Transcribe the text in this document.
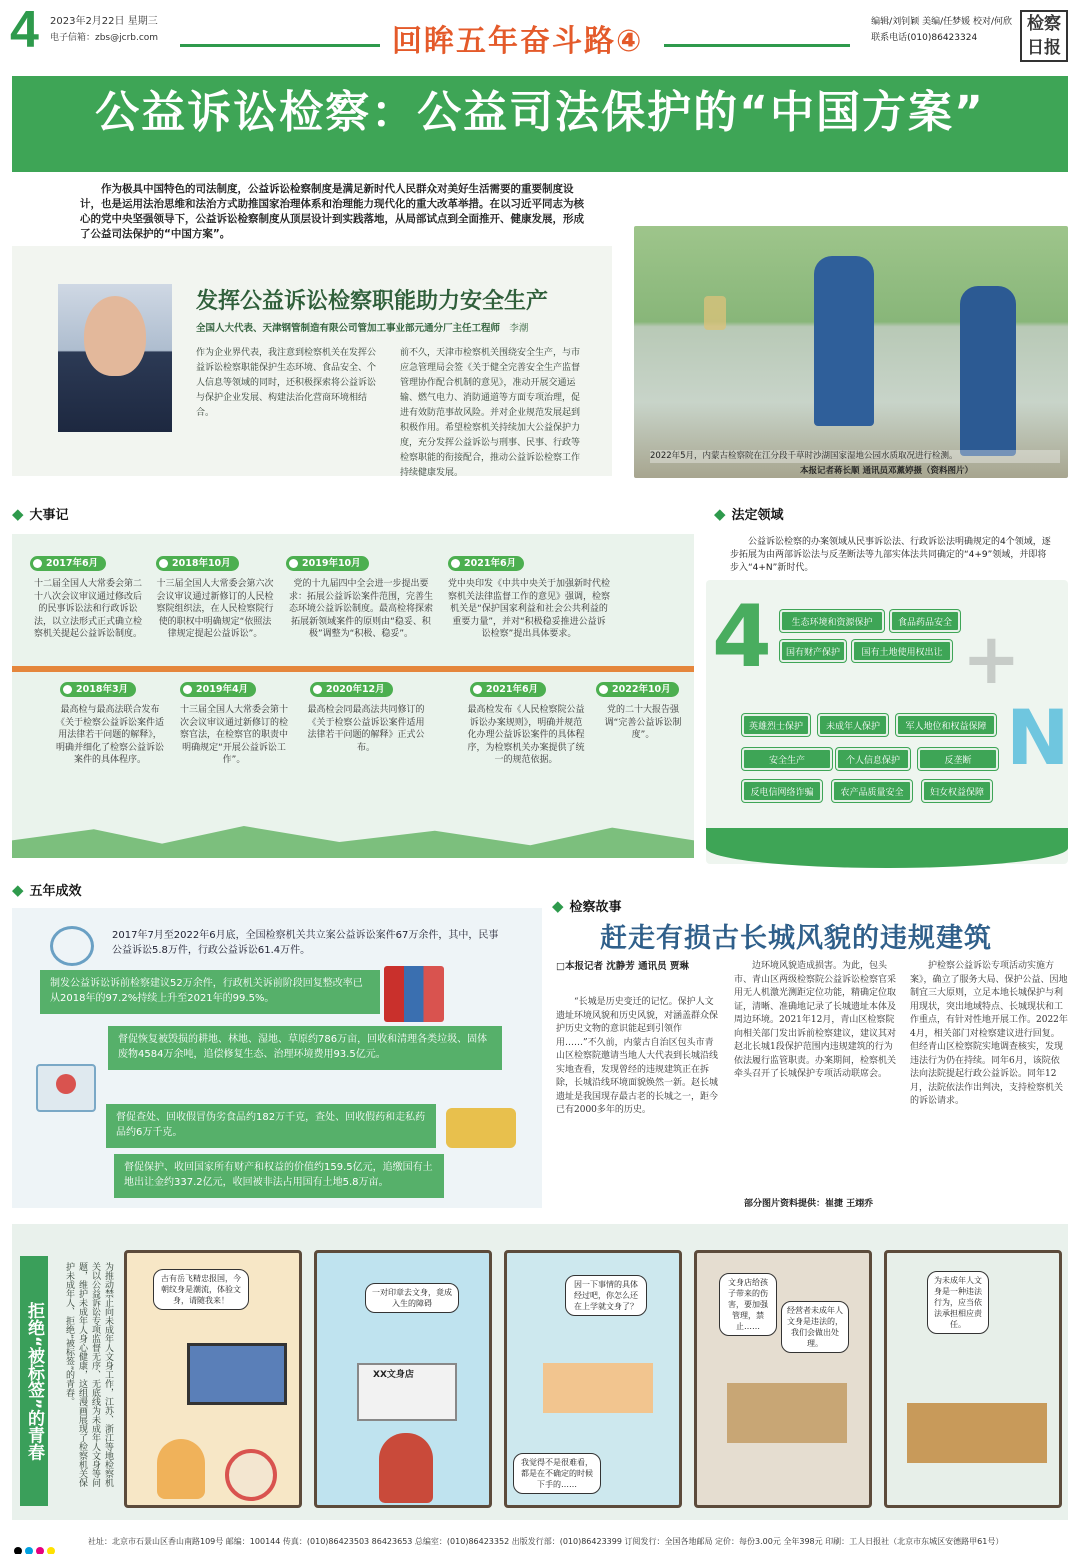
4 2023年2月22日 星期三
电子信箱：zbs@jcrb.com	回眸五年奋斗路④
编辑/刘钊颖 美编/任梦媛 校对/何欣
联系电话(010)86423324
检察日报
公益诉讼检察：公益司法保护的“中国方案”
作为极具中国特色的司法制度，公益诉讼检察制度是满足新时代人民群众对美好生活需要的重要制度设计，也是运用法治思维和法治方式助推国家治理体系和治理能力现代化的重大改革举措。在以习近平同志为核心的党中央坚强领导下，公益诉讼检察制度从顶层设计到实践落地，从局部试点到全面推开、健康发展，形成了公益司法保护的“中国方案”。
2022年5月，内蒙古检察院在江分段千草时沙湖国家湿地公园水质取况进行检测。
本报记者蒋长顺 通讯员邓薰婷摄（资料图片）
发挥公益诉讼检察职能助力安全生产
全国人大代表、天津钢管制造有限公司管加工事业部元通分厂主任工程师 李潮
作为企业界代表，我注意到检察机关在发挥公益诉讼检察职能保护生态环境、食品安全、个人信息等领域的同时，还积极探索将公益诉讼与保护企业发展、构建法治化营商环境相结合。
前不久，天津市检察机关围绕安全生产，与市应急管理局会签《关于健全完善安全生产监督管理协作配合机制的意见》，准动开展交通运输、燃气电力、消防通道等方面专项治理，促进有效防范事故风险。并对企业规范发展起到积极作用。希望检察机关持续加大公益保护力度，充分发挥公益诉讼与刑事、民事、行政等检察职能的衔接配合，推动公益诉讼检察工作持续健康发展。
◆ 大事记
2017年6月
十二届全国人大常委会第二十八次会议审议通过修改后的民事诉讼法和行政诉讼法，以立法形式正式确立检察机关提起公益诉讼制度。
2018年10月
十三届全国人大常委会第六次会议审议通过新修订的人民检察院组织法，在人民检察院行使的职权中明确规定“依照法律规定提起公益诉讼”。
2019年10月
党的十九届四中全会进一步提出要求：拓展公益诉讼案件范围，完善生态环境公益诉讼制度。最高检将探索拓展新领域案件的原则由“稳妥、积极”调整为“积极、稳妥”。
2021年6月
党中央印发《中共中央关于加强新时代检察机关法律监督工作的意见》强调，检察机关是“保护国家利益和社会公共利益的重要力量”，并对“积极稳妥推进公益诉讼检察”提出具体要求。
2018年3月
最高检与最高法联合发布《关于检察公益诉讼案件适用法律若干问题的解释》，明确并细化了检察公益诉讼案件的具体程序。
2019年4月
十三届全国人大常委会第十次会议审议通过新修订的检察官法，在检察官的职责中明确规定“开展公益诉讼工作”。
2020年12月
最高检会同最高法共同修订的《关于检察公益诉讼案件适用法律若干问题的解释》正式公布。
2021年6月
最高检发布《人民检察院公益诉讼办案规则》，明确并规范化办理公益诉讼案件的具体程序，为检察机关办案提供了统一的规范依据。
2022年10月
党的二十大报告强调“完善公益诉讼制度”。
◆ 法定领域
公益诉讼检察的办案领域从民事诉讼法、行政诉讼法明确规定的4个领域，逐步拓展为由两部诉讼法与反垄断法等九部实体法共同确定的“4+9”领域，并即将步入“4+N”新时代。
4	+
N
生态环境和资源保护	食品药品安全
国有财产保护	国有土地使用权出让
英雄烈士保护	未成年人保护	军人地位和权益保障
安全生产	个人信息保护	反垄断
反电信网络诈骗	农产品质量安全	妇女权益保障
◆ 五年成效
2017年7月至2022年6月底，全国检察机关共立案公益诉讼案件67万余件，其中，民事公益诉讼5.8万件，行政公益诉讼61.4万件。
制发公益诉讼诉前检察建议52万余件，行政机关诉前阶段回复整改率已从2018年的97.2%持续上升至2021年的99.5%。
督促恢复被毁损的耕地、林地、湿地、草原约786万亩，回收和清理各类垃圾、固体废物4584万余吨，追偿修复生态、治理环境费用93.5亿元。
督促查处、回收假冒伪劣食品约182万千克，查处、回收假药和走私药品约6万千克。
督促保护、收回国家所有财产和权益的价值约159.5亿元，追缴国有土地出让金约337.2亿元，收回被非法占用国有土地5.8万亩。
◆ 检察故事
赶走有损古长城风貌的违规建筑
□本报记者 沈静芳 通讯员 贾琳
“长城是历史变迁的记忆。保护人文遗址环境风貌和历史风貌，对涵盖群众保护历史文物的意识能起到引领作用……”不久前，内蒙古自治区包头市青山区检察院邀请当地人大代表到长城沿线实地查看，发现曾经的违规建筑正在拆除，长城沿线环境面貌焕然一新。赵长城遗址是我国现存最古老的长城之一，距今已有2000多年的历史。
边环境风貌造成损害。为此，包头市、青山区两级检察院公益诉讼检察官采用无人机激光测距定位功能，精确定位取证，清晰、准确地记录了长城遗址本体及周边环境。2021年12月，青山区检察院向相关部门发出诉前检察建议，建议其对赵北长城1段保护范围内违规建筑的行为依法履行监管职责。办案期间，检察机关牵头召开了长城保护专项活动联席会。
护检察公益诉讼专项活动实施方案》，确立了服务大局、保护公益、因地制宜三大原则，立足本地长城保护与利用现状，突出地域特点、长城现状和工作重点，有针对性地开展工作。2022年4月，相关部门对检察建议进行回复。但经青山区检察院实地调查核实，发现违法行为仍在持续。同年6月，该院依法向法院提起行政公益诉讼。同年12月，法院依法作出判决，支持检察机关的诉讼请求。
部分图片资料提供：崔捷 王翊乔
拒绝“被标签”的青春	为推动禁止向未成年人文身工作，江苏、浙江等地检察机关以公益诉讼专项监督无序、无底线为未成年人文身等问题，维护未成年人身心健康，这组漫画展现了检察机关保护未成年人、拒绝“被标签”的青春。	古有岳飞精忠报国，今朝纹身是潮流，体验文身，请随我来！
一对印章去文身，竟成入生的障碍
XX文身店
因一下事情的具体经过吧，你怎么还在上学就文身了？
我觉得不是很难看，都是在不确定的时候下手的……
文身店给孩子带来的伤害，要加强管理，禁止……
经营者未成年人文身是违法的，我们会做出处理。
为未成年人文身是一种违法行为，应当依法承担相应责任。
社址：北京市石景山区香山南路109号 邮编：100144 传真：(010)86423503 86423653 总编室：(010)86423352 出版发行部：(010)86423399 订阅发行：全国各地邮局 定价：每份3.00元 全年398元 印刷：工人日报社（北京市东城区安德路甲61号）
